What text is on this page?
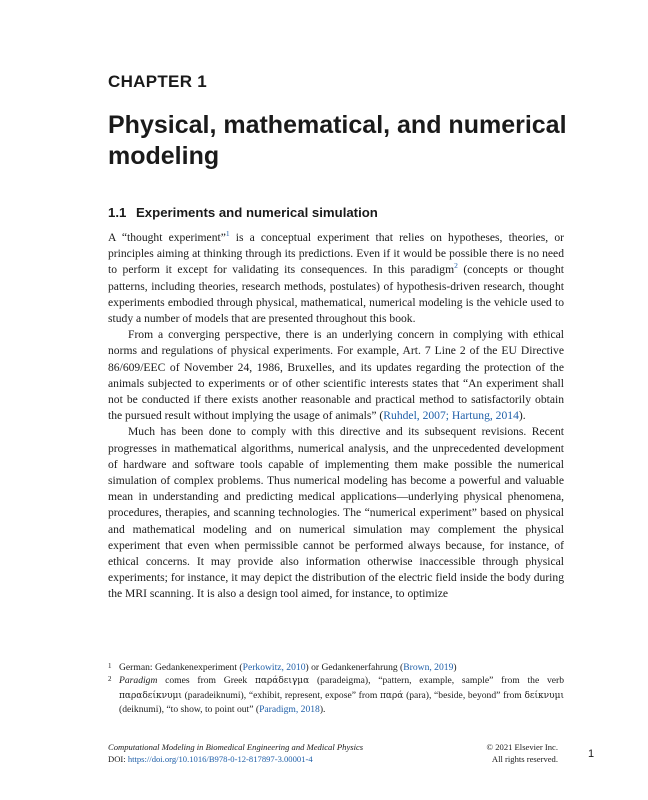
CHAPTER 1
Physical, mathematical, and numerical modeling
1.1 Experiments and numerical simulation

A “thought experiment”$^1$ is a conceptual experiment that relies on hypotheses, theories, or principles aiming at thinking through its predictions. Even if it would be possible there is no need to perform it except for validating its consequences. In this paradigm$^2$ (concepts or thought patterns, including theories, research methods, postulates) of hypothesis-driven research, thought experiments embodied through physical, mathematical, numerical modeling is the vehicle used to study a number of models that are presented throughout this book.

From a converging perspective, there is an underlying concern in complying with ethical norms and regulations of physical experiments. For example, Art. 7 Line 2 of the EU Directive 86/609/EEC of November 24, 1986, Bruxelles, and its updates regarding the protection of the animals subjected to experiments or of other scientific interests states that “An experiment shall not be conducted if there exists another reasonable and practical method to satisfactorily obtain the pursued result without implying the usage of animals” (Ruhdel, 2007; Hartung, 2014).

Much has been done to comply with this directive and its subsequent revisions. Recent progresses in mathematical algorithms, numerical analysis, and the unprecedented development of hardware and software tools capable of implementing them make possible the numerical simulation of complex problems. Thus numerical modeling has become a powerful and valuable mean in understanding and predicting medical applications—underlying physical phenomena, procedures, therapies, and scanning technologies. The “numerical experiment” based on physical and mathematical modeling and on numerical simulation may complement the physical experiment that even when permissible cannot be performed always because, for instance, of ethical concerns. It may provide also information otherwise inaccessible through physical experiments; for instance, it may depict the distribution of the electric field inside the body during the MRI scanning. It is also a design tool aimed, for instance, to optimize

1 German: Gedankenexperiment (Perkowitz, 2010) or Gedankenerfahrung (Brown, 2019)
2 Paradigm comes from Greek παράδειγμα (paradeigma), “pattern, example, sample” from the verb παραδείκνυμι (paradeiknumi), “exhibit, represent, expose” from παρά (para), “beside, beyond” from δείκνυμι (deiknumi), “to show, to point out” (Paradigm, 2018).
Computational Modeling in Biomedical Engineering and Medical Physics
DOI: https://doi.org/10.1016/B978-0-12-817897-3.00001-4
© 2021 Elsevier Inc.
All rights reserved.	1
